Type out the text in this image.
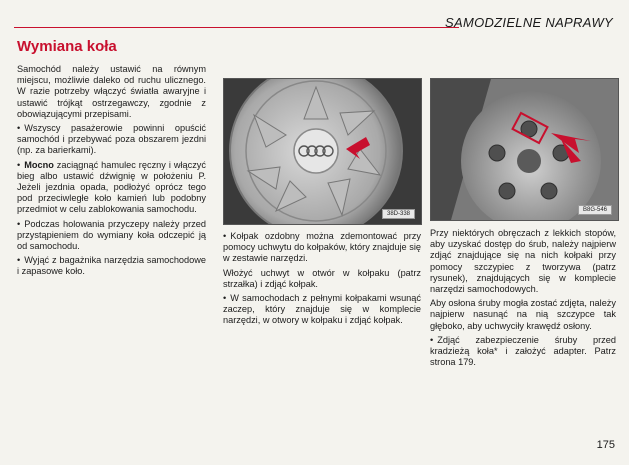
SAMODZIELNE NAPRAWY
Wymiana koła

Samochód należy ustawić na równym miejscu, możliwie daleko od ruchu ulicznego. W razie potrzeby włączyć światła awaryjne i ustawić trójkąt ostrzegawczy, zgodnie z obowiązującymi przepisami.

• Wszyscy pasażerowie powinni opuścić samochód i przebywać poza obszarem jezdni (np. za barierkami).

• Mocno zaciągnąć hamulec ręczny i włączyć bieg albo ustawić dźwignię w położeniu P. Jeżeli jezdnia opada, podłożyć oprócz tego pod przeciwległe koło kamień lub podobny przedmiot w celu zablokowania samochodu.

• Podczas holowania przyczepy należy przed przystąpieniem do wymiany koła odczepić ją od samochodu.

• Wyjąć z bagażnika narzędzia samochodowe i zapasowe koło.

38D-338
B8G-546

• Kołpak ozdobny można zdemontować przy pomocy uchwytu do kołpaków, który znajduje się w zestawie narzędzi.

Włożyć uchwyt w otwór w kołpaku (patrz strzałka) i zdjąć kołpak.

• W samochodach z pełnymi kołpakami wsunąć zaczep, który znajduje się w komplecie narzędzi, w otwory w kołpaku i zdjąć kołpak.

Przy niektórych obręczach z lekkich stopów, aby uzyskać dostęp do śrub, należy najpierw zdjąć znajdujące się na nich kołpaki przy pomocy szczypiec z tworzywa (patrz rysunek), znajdujących się w komplecie narzędzi samochodowych.

Aby osłona śruby mogła zostać zdjęta, należy najpierw nasunąć na nią szczypce tak głęboko, aby uchwyciły krawędź osłony.

• Zdjąć zabezpieczenie śruby przed kradzieżą koła* i założyć adapter. Patrz strona 179.

175
